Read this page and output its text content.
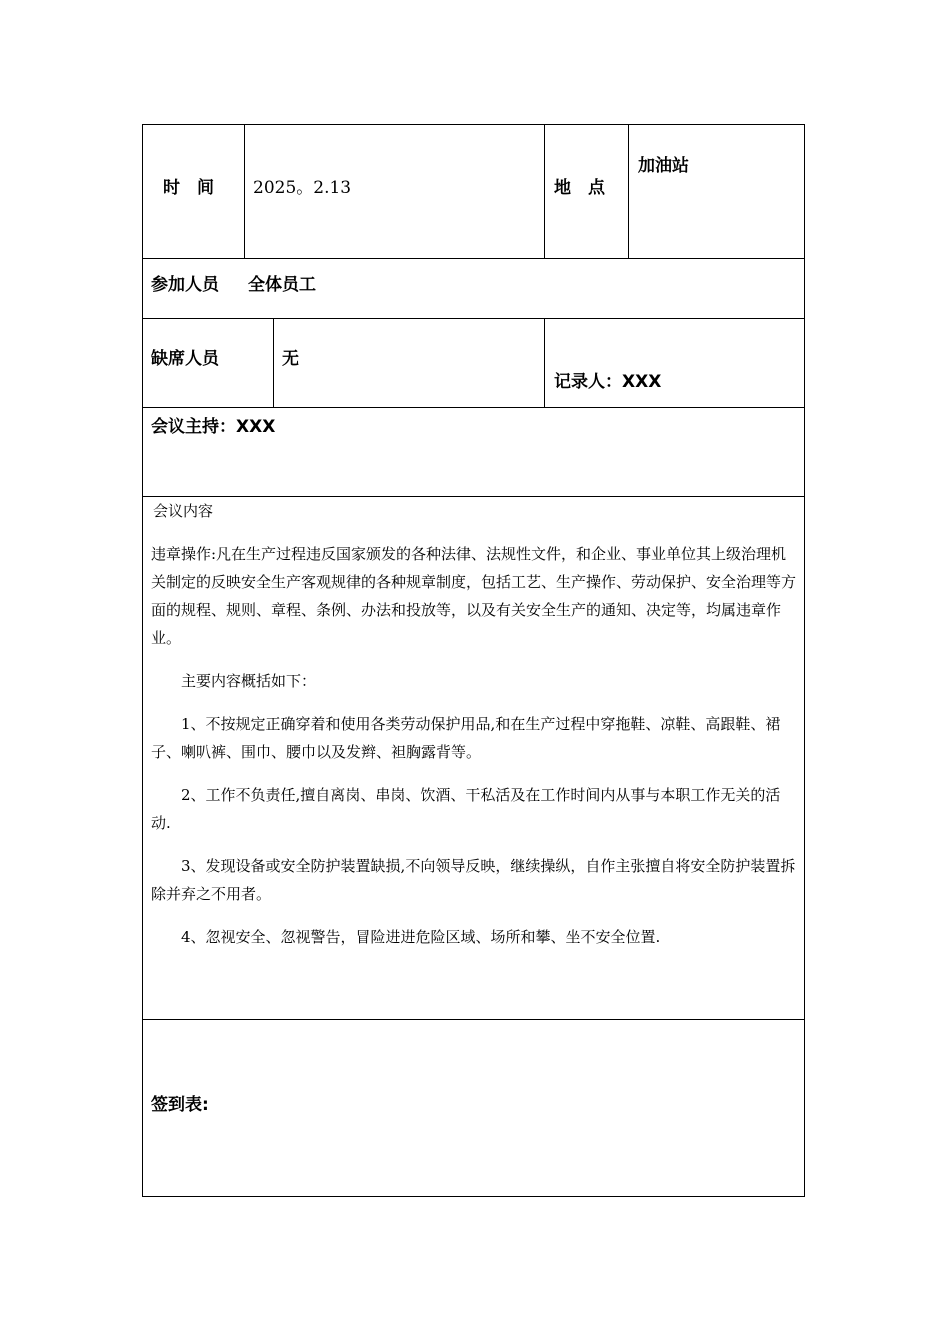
时　间 2025。2.13	地　点
加油站
参加人员 全体员工
缺席人员	无
记录人：XXX
会议主持：XXX
会议内容

违章操作:凡在生产过程违反国家颁发的各种法律、法规性文件，和企业、事业单位其上级治理机关制定的反映安全生产客观规律的各种规章制度，包括工艺、生产操作、劳动保护、安全治理等方面的规程、规则、章程、条例、办法和投放等，以及有关安全生产的通知、决定等，均属违章作业。

主要内容概括如下：

1、不按规定正确穿着和使用各类劳动保护用品,和在生产过程中穿拖鞋、凉鞋、高跟鞋、裙子、喇叭裤、围巾、腰巾以及发辫、袒胸露背等。

2、工作不负责任,擅自离岗、串岗、饮酒、干私活及在工作时间内从事与本职工作无关的活动.

3、发现设备或安全防护装置缺损,不向领导反映，继续操纵，自作主张擅自将安全防护装置拆除并弃之不用者。

4、忽视安全、忽视警告，冒险进进危险区域、场所和攀、坐不安全位置.

签到表:
